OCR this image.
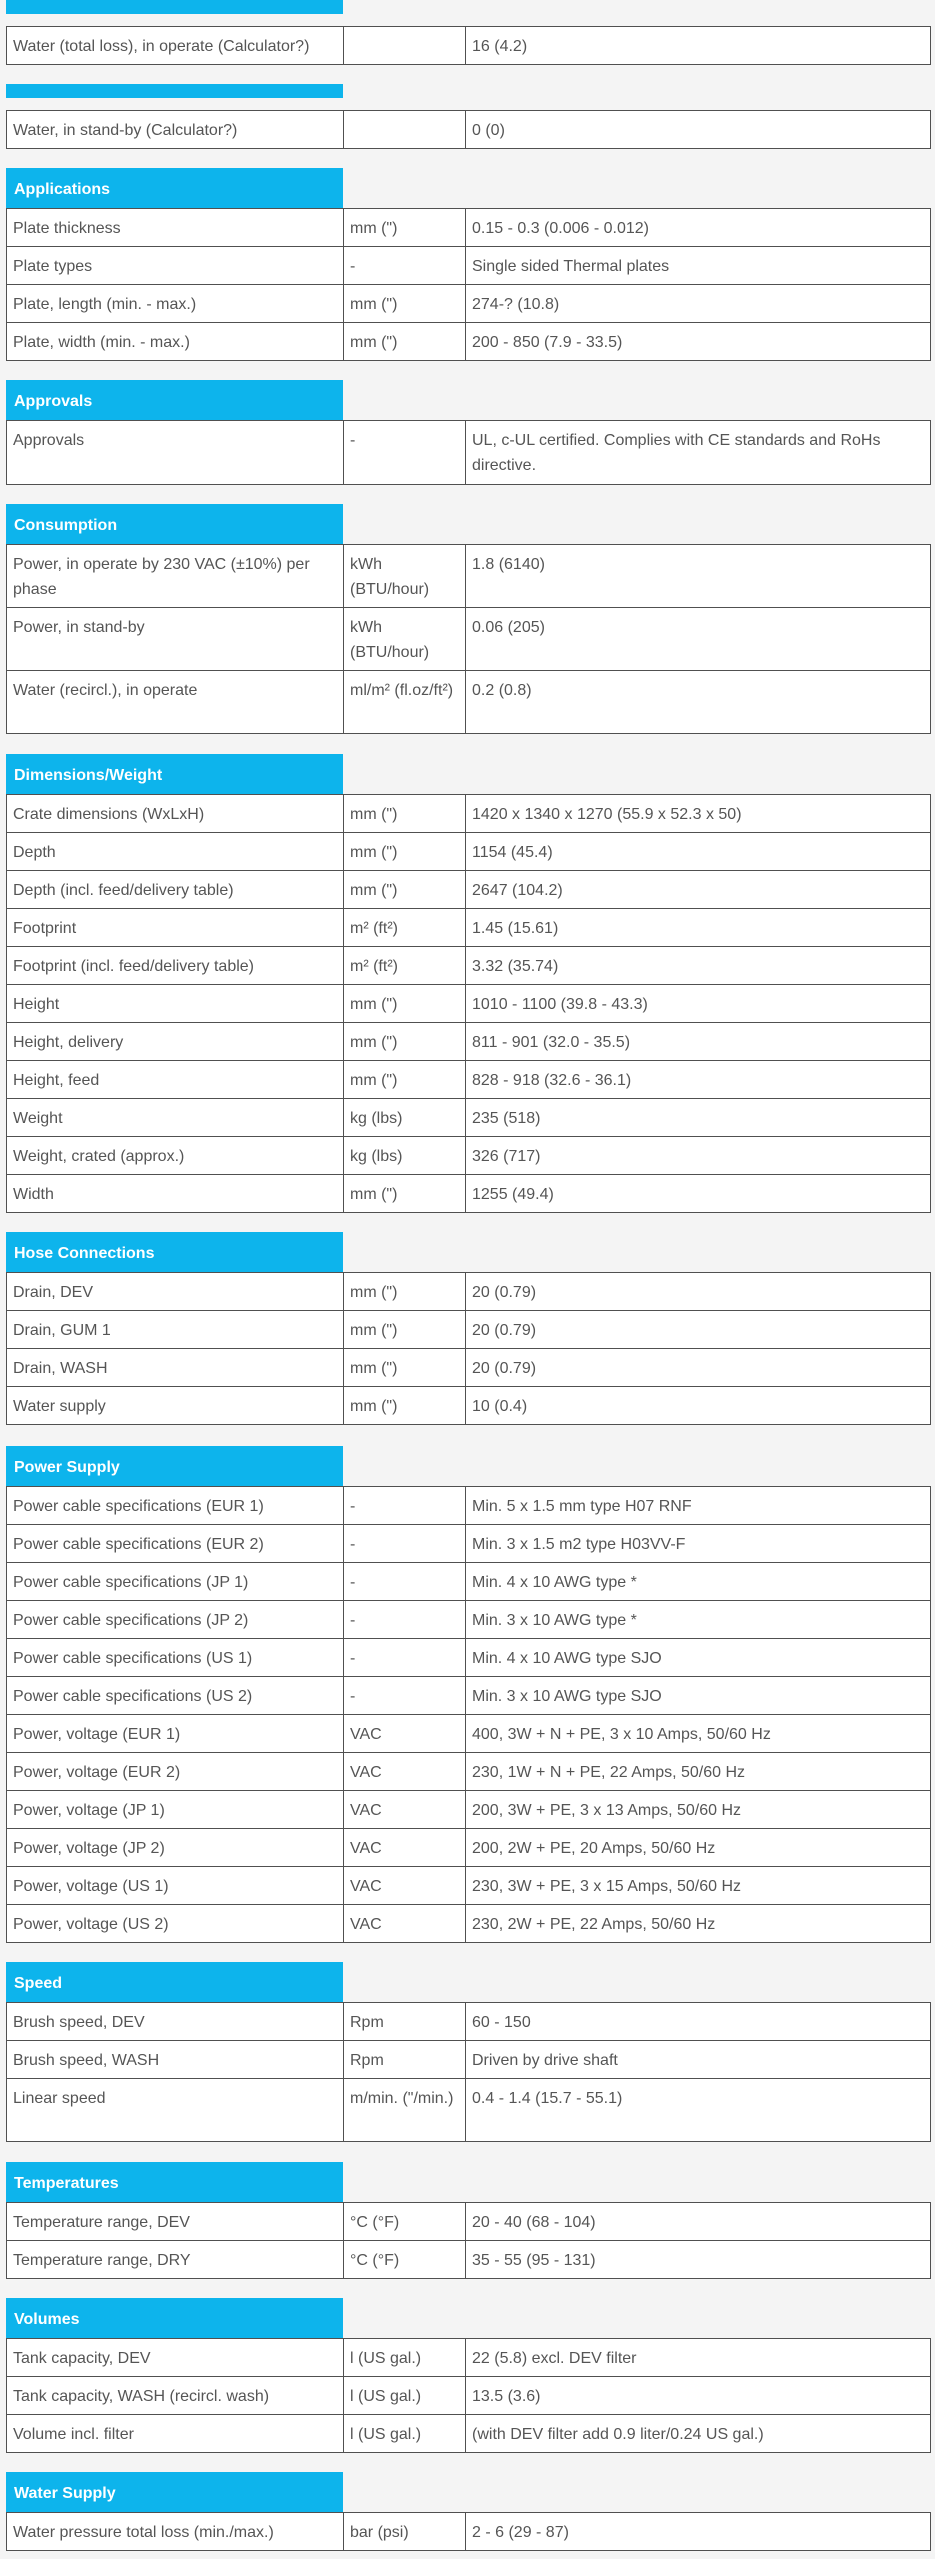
Water (total loss), in operate (Calculator?)		16 (4.2)
Water, in stand-by (Calculator?)		0 (0)
Applications
Plate thickness	mm (")	0.15 - 0.3 (0.006 - 0.012)
Plate types	-	Single sided Thermal plates
Plate, length (min. - max.)	mm (")	274-? (10.8)
Plate, width (min. - max.)	mm (")	200 - 850 (7.9 - 33.5)
Approvals
Approvals	-	UL, c-UL certified. Complies with CE standards and RoHs directive.
Consumption
Power, in operate by 230 VAC (±10%) per phase	kWh (BTU/hour)	1.8 (6140)
Power, in stand-by	kWh (BTU/hour)	0.06 (205)
Water (recircl.), in operate	ml/m² (fl.oz/ft²)	0.2 (0.8)
Dimensions/Weight
Crate dimensions (WxLxH)	mm (")	1420 x 1340 x 1270 (55.9 x 52.3 x 50)
Depth	mm (")	1154 (45.4)
Depth (incl. feed/delivery table)	mm (")	2647 (104.2)
Footprint	m² (ft²)	1.45 (15.61)
Footprint (incl. feed/delivery table)	m² (ft²)	3.32 (35.74)
Height	mm (")	1010 - 1100 (39.8 - 43.3)
Height, delivery	mm (")	811 - 901 (32.0 - 35.5)
Height, feed	mm (")	828 - 918 (32.6 - 36.1)
Weight	kg (lbs)	235 (518)
Weight, crated (approx.)	kg (lbs)	326 (717)
Width	mm (")	1255 (49.4)
Hose Connections
Drain, DEV	mm (")	20 (0.79)
Drain, GUM 1	mm (")	20 (0.79)
Drain, WASH	mm (")	20 (0.79)
Water supply	mm (")	10 (0.4)
Power Supply
Power cable specifications (EUR 1)	-	Min. 5 x 1.5 mm type H07 RNF
Power cable specifications (EUR 2)	-	Min. 3 x 1.5 m2 type H03VV-F
Power cable specifications (JP 1)	-	Min. 4 x 10 AWG type *
Power cable specifications (JP 2)	-	Min. 3 x 10 AWG type *
Power cable specifications (US 1)	-	Min. 4 x 10 AWG type SJO
Power cable specifications (US 2)	-	Min. 3 x 10 AWG type SJO
Power, voltage (EUR 1)	VAC	400, 3W + N + PE, 3 x 10 Amps, 50/60 Hz
Power, voltage (EUR 2)	VAC	230, 1W + N + PE, 22 Amps, 50/60 Hz
Power, voltage (JP 1)	VAC	200, 3W + PE, 3 x 13 Amps, 50/60 Hz
Power, voltage (JP 2)	VAC	200, 2W + PE, 20 Amps, 50/60 Hz
Power, voltage (US 1)	VAC	230, 3W + PE, 3 x 15 Amps, 50/60 Hz
Power, voltage (US 2)	VAC	230, 2W + PE, 22 Amps, 50/60 Hz
Speed
Brush speed, DEV	Rpm	60 - 150
Brush speed, WASH	Rpm	Driven by drive shaft
Linear speed	m/min. ("/min.)	0.4 - 1.4 (15.7 - 55.1)
Temperatures
Temperature range, DEV	°C (°F)	20 - 40 (68 - 104)
Temperature range, DRY	°C (°F)	35 - 55 (95 - 131)
Volumes
Tank capacity, DEV	l (US gal.)	22 (5.8) excl. DEV filter
Tank capacity, WASH (recircl. wash)	l (US gal.)	13.5 (3.6)
Volume incl. filter	l (US gal.)	(with DEV filter add 0.9 liter/0.24 US gal.)
Water Supply
Water pressure total loss (min./max.)	bar (psi)	2 - 6 (29 - 87)
